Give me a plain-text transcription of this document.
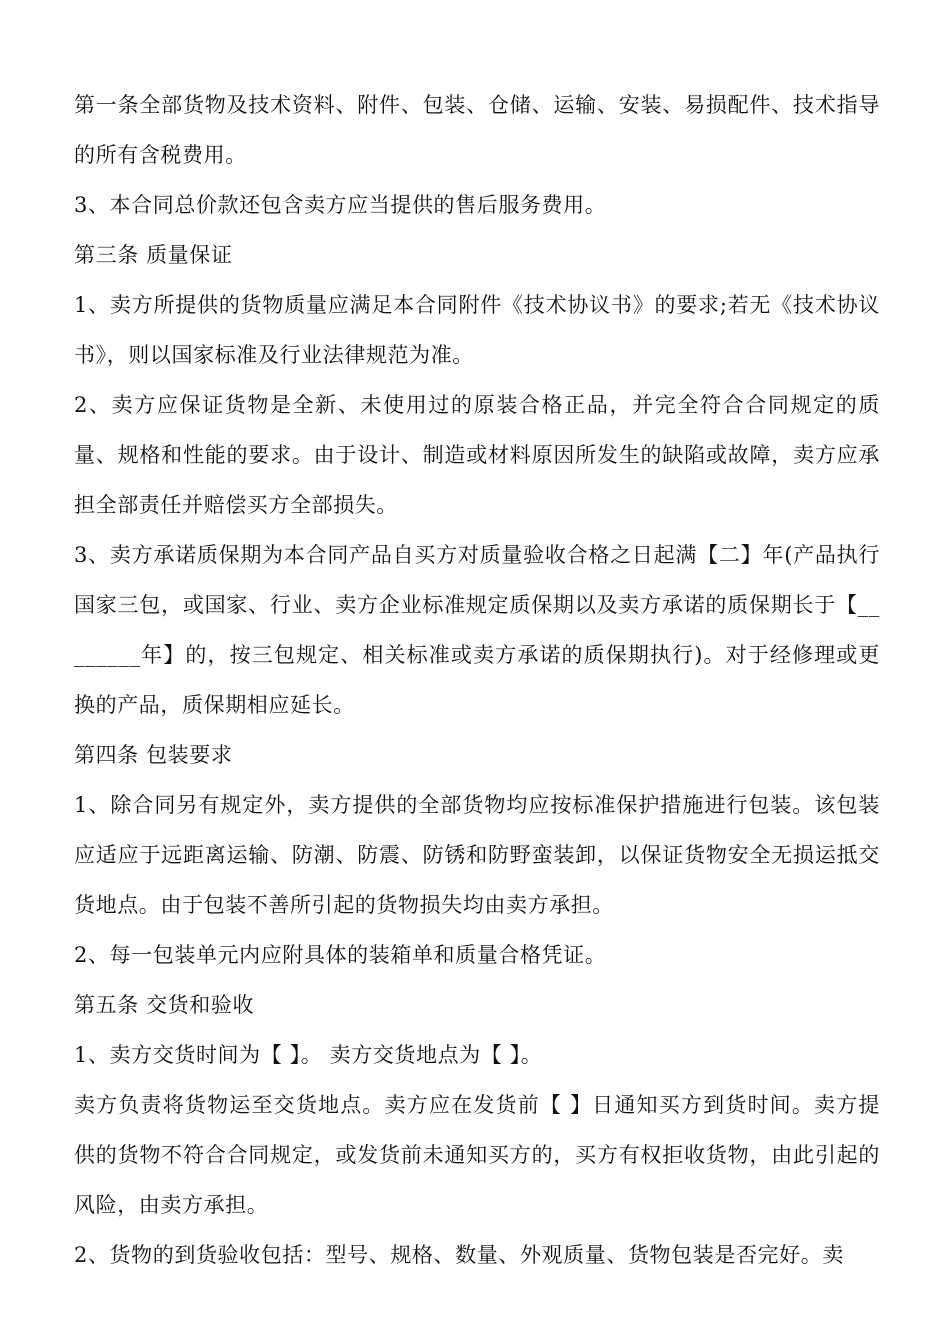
第一条全部货物及技术资料、附件、包装、仓储、运输、安装、易损配件、技术指导的所有含税费用。

3、本合同总价款还包含卖方应当提供的售后服务费用。

第三条 质量保证

1、卖方所提供的货物质量应满足本合同附件《技术协议书》的要求;若无《技术协议书》，则以国家标准及行业法律规范为准。

2、卖方应保证货物是全新、未使用过的原装合格正品，并完全符合合同规定的质量、规格和性能的要求。由于设计、制造或材料原因所发生的缺陷或故障，卖方应承担全部责任并赔偿买方全部损失。

3、卖方承诺质保期为本合同产品自买方对质量验收合格之日起满【二】年(产品执行国家三包，或国家、行业、卖方企业标准规定质保期以及卖方承诺的质保期长于【________年】的，按三包规定、相关标准或卖方承诺的质保期执行)。对于经修理或更换的产品，质保期相应延长。

第四条 包装要求

1、除合同另有规定外，卖方提供的全部货物均应按标准保护措施进行包装。该包装应适应于远距离运输、防潮、防震、防锈和防野蛮装卸，以保证货物安全无损运抵交货地点。由于包装不善所引起的货物损失均由卖方承担。

2、每一包装单元内应附具体的装箱单和质量合格凭证。

第五条 交货和验收

1、卖方交货时间为【 】。 卖方交货地点为【 】。

卖方负责将货物运至交货地点。卖方应在发货前【 】日通知买方到货时间。卖方提供的货物不符合合同规定，或发货前未通知买方的，买方有权拒收货物，由此引起的风险，由卖方承担。

2、货物的到货验收包括：型号、规格、数量、外观质量、货物包装是否完好。卖
